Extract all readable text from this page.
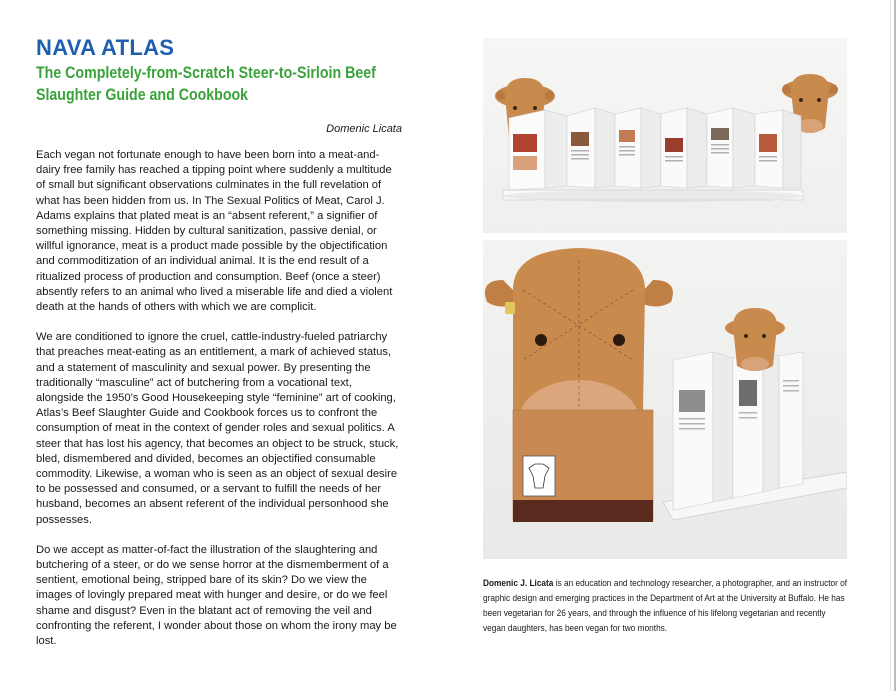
NAVA ATLAS
The Completely-from-Scratch Steer-to-Sirloin Beef
Slaughter Guide and Cookbook
Domenic Licata

Each vegan not fortunate enough to have been born into a meat-and-dairy free family has reached a tipping point where suddenly a multitude of small but significant observations culminates in the full revelation of what has been hidden from us. In The Sexual Politics of Meat, Carol J. Adams explains that plated meat is an “absent referent,” a signifier of something missing. Hidden by cultural sanitization, passive denial, or willful ignorance, meat is a product made possible by the objectification and commoditization of an individual animal. It is the end result of a ritualized process of production and consumption. Beef (once a steer) absently refers to an animal who lived a miserable life and died a violent death at the hands of others with which we are complicit.

We are conditioned to ignore the cruel, cattle-industry-fueled patriarchy that preaches meat-eating as an entitlement, a mark of achieved status, and a statement of masculinity and sexual power. By presenting the traditionally “masculine” act of butchering from a vocational text, alongside the 1950’s Good Housekeeping style “feminine” art of cooking, Atlas’s Beef Slaughter Guide and Cookbook forces us to confront the consumption of meat in the context of gender roles and sexual politics. A steer that has lost his agency, that becomes an object to be struck, stuck, bled, dismembered and divided, becomes an objectified consumable commodity. Likewise, a woman who is seen as an object of sexual desire to be possessed and consumed, or a servant to fulfill the needs of her husband, becomes an absent referent of the individual personhood she possesses.

Do we accept as matter-of-fact the illustration of the slaughtering and butchering of a steer, or do we sense horror at the dismemberment of a sentient, emotional being, stripped bare of its skin? Do we view the images of lovingly prepared meat with hunger and desire, or do we feel shame and disgust? Even in the blatant act of removing the veil and confronting the referent, I wonder about those on whom the irony may be lost.

Domenic J. Licata is an education and technology researcher, a photographer, and an instructor of graphic design and emerging practices in the Department of Art at the University at Buffalo. He has been vegetarian for 26 years, and through the influence of his lifelong vegetarian and recently vegan daughters, has been vegan for two months.
